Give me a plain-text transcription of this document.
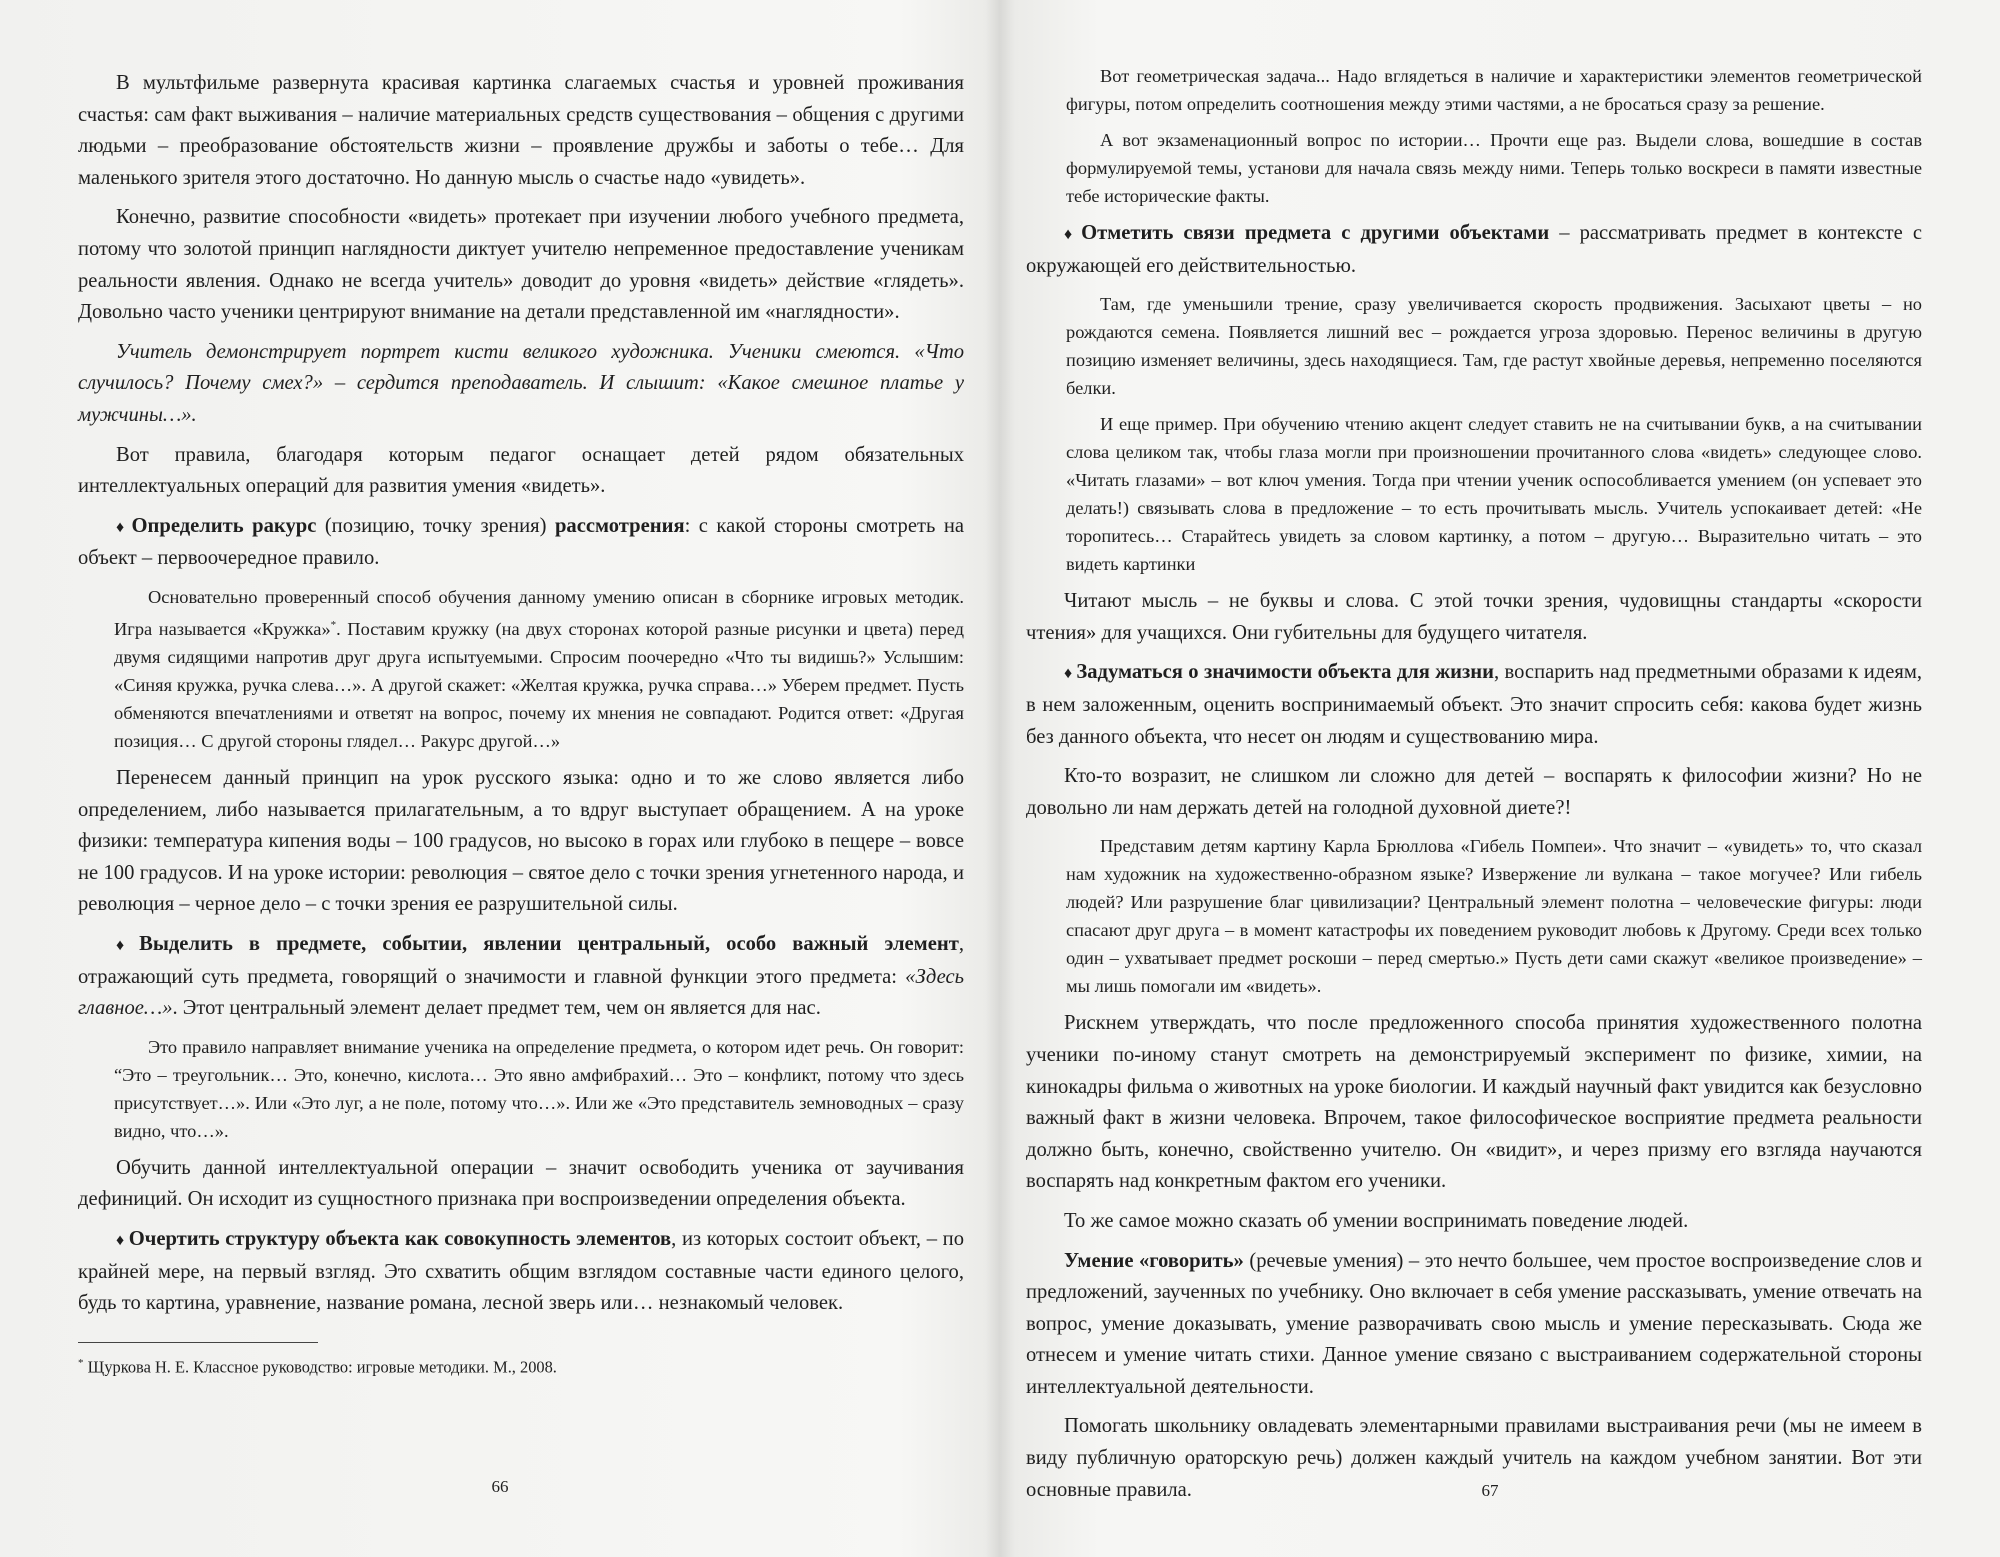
В мультфильме развернута красивая картинка слагаемых счастья и уровней проживания счастья: сам факт выживания – наличие материальных средств существования – общения с другими людьми – преобразование обстоятельств жизни – проявление дружбы и заботы о тебе… Для маленького зрителя этого достаточно. Но данную мысль о счастье надо «увидеть».

Конечно, развитие способности «видеть» протекает при изучении любого учебного предмета, потому что золотой принцип наглядности диктует учителю непременное предоставление ученикам реальности явления. Однако не всегда учитель» доводит до уровня «видеть» действие «глядеть». Довольно часто ученики центрируют внимание на детали представленной им «наглядности».

Учитель демонстрирует портрет кисти великого художника. Ученики смеются. «Что случилось? Почему смех?» – сердится преподаватель. И слышит: «Какое смешное платье у мужчины…».

Вот правила, благодаря которым педагог оснащает детей рядом обязательных интеллектуальных операций для развития умения «видеть».

♦ Определить ракурс (позицию, точку зрения) рассмотрения: с какой стороны смотреть на объект – первоочередное правило.

Основательно проверенный способ обучения данному умению описан в сборнике игровых методик. Игра называется «Кружка»*. Поставим кружку (на двух сторонах которой разные рисунки и цвета) перед двумя сидящими напротив друг друга испытуемыми. Спросим поочередно «Что ты видишь?» Услышим: «Синяя кружка, ручка слева…». А другой скажет: «Желтая кружка, ручка справа…» Уберем предмет. Пусть обменяются впечатлениями и ответят на вопрос, почему их мнения не совпадают. Родится ответ: «Другая позиция… С другой стороны глядел… Ракурс другой…»

Перенесем данный принцип на урок русского языка: одно и то же слово является либо определением, либо называется прилагательным, а то вдруг выступает обращением. А на уроке физики: температура кипения воды – 100 градусов, но высоко в горах или глубоко в пещере – вовсе не 100 градусов. И на уроке истории: революция – святое дело с точки зрения угнетенного народа, и революция – черное дело – с точки зрения ее разрушительной силы.

♦ Выделить в предмете, событии, явлении центральный, особо важный элемент, отражающий суть предмета, говорящий о значимости и главной функции этого предмета: «Здесь главное…». Этот центральный элемент делает предмет тем, чем он является для нас.

Это правило направляет внимание ученика на определение предмета, о котором идет речь. Он говорит: “Это – треугольник… Это, конечно, кислота… Это явно амфибрахий… Это – конфликт, потому что здесь присутствует…». Или «Это луг, а не поле, потому что…». Или же «Это представитель земноводных – сразу видно, что…».

Обучить данной интеллектуальной операции – значит освободить ученика от заучивания дефиниций. Он исходит из сущностного признака при воспроизведении определения объекта.

♦ Очертить структуру объекта как совокупность элементов, из которых состоит объект, – по крайней мере, на первый взгляд. Это схватить общим взглядом составные части единого целого, будь то картина, уравнение, название романа, лесной зверь или… незнакомый человек.

* Щуркова Н. Е. Классное руководство: игровые методики. М., 2008.

66

Вот геометрическая задача... Надо вглядеться в наличие и характеристики элементов геометрической фигуры, потом определить соотношения между этими частями, а не бросаться сразу за решение.

А вот экзаменационный вопрос по истории… Прочти еще раз. Выдели слова, вошедшие в состав формулируемой темы, установи для начала связь между ними. Теперь только воскреси в памяти известные тебе исторические факты.

♦ Отметить связи предмета с другими объектами – рассматривать предмет в контексте с окружающей его действительностью.

Там, где уменьшили трение, сразу увеличивается скорость продвижения. Засыхают цветы – но рождаются семена. Появляется лишний вес – рождается угроза здоровью. Перенос величины в другую позицию изменяет величины, здесь находящиеся. Там, где растут хвойные деревья, непременно поселяются белки.

И еще пример. При обучению чтению акцент следует ставить не на считывании букв, а на считывании слова целиком так, чтобы глаза могли при произношении прочитанного слова «видеть» следующее слово. «Читать глазами» – вот ключ умения. Тогда при чтении ученик оспособливается умением (он успевает это делать!) связывать слова в предложение – то есть прочитывать мысль. Учитель успокаивает детей: «Не торопитесь… Старайтесь увидеть за словом картинку, а потом – другую… Выразительно читать – это видеть картинки

Читают мысль – не буквы и слова. С этой точки зрения, чудовищны стандарты «скорости чтения» для учащихся. Они губительны для будущего читателя.

♦ Задуматься о значимости объекта для жизни, воспарить над предметными образами к идеям, в нем заложенным, оценить воспринимаемый объект. Это значит спросить себя: какова будет жизнь без данного объекта, что несет он людям и существованию мира.

Кто-то возразит, не слишком ли сложно для детей – воспарять к философии жизни? Но не довольно ли нам держать детей на голодной духовной диете?!

Представим детям картину Карла Брюллова «Гибель Помпеи». Что значит – «увидеть» то, что сказал нам художник на художественно-образном языке? Извержение ли вулкана – такое могучее? Или гибель людей? Или разрушение благ цивилизации? Центральный элемент полотна – человеческие фигуры: люди спасают друг друга – в момент катастрофы их поведением руководит любовь к Другому. Среди всех только один – ухватывает предмет роскоши – перед смертью.» Пусть дети сами скажут «великое произведение» – мы лишь помогали им «видеть».

Рискнем утверждать, что после предложенного способа принятия художественного полотна ученики по-иному станут смотреть на демонстрируемый эксперимент по физике, химии, на кинокадры фильма о животных на уроке биологии. И каждый научный факт увидится как безусловно важный факт в жизни человека. Впрочем, такое философическое восприятие предмета реальности должно быть, конечно, свойственно учителю. Он «видит», и через призму его взгляда научаются воспарять над конкретным фактом его ученики.

То же самое можно сказать об умении воспринимать поведение людей.

Умение «говорить» (речевые умения) – это нечто большее, чем простое воспроизведение слов и предложений, заученных по учебнику. Оно включает в себя умение рассказывать, умение отвечать на вопрос, умение доказывать, умение разворачивать свою мысль и умение пересказывать. Сюда же отнесем и умение читать стихи. Данное умение связано с выстраиванием содержательной стороны интеллектуальной деятельности.

Помогать школьнику овладевать элементарными правилами выстраивания речи (мы не имеем в виду публичную ораторскую речь) должен каждый учитель на каждом учебном занятии. Вот эти основные правила.	67
